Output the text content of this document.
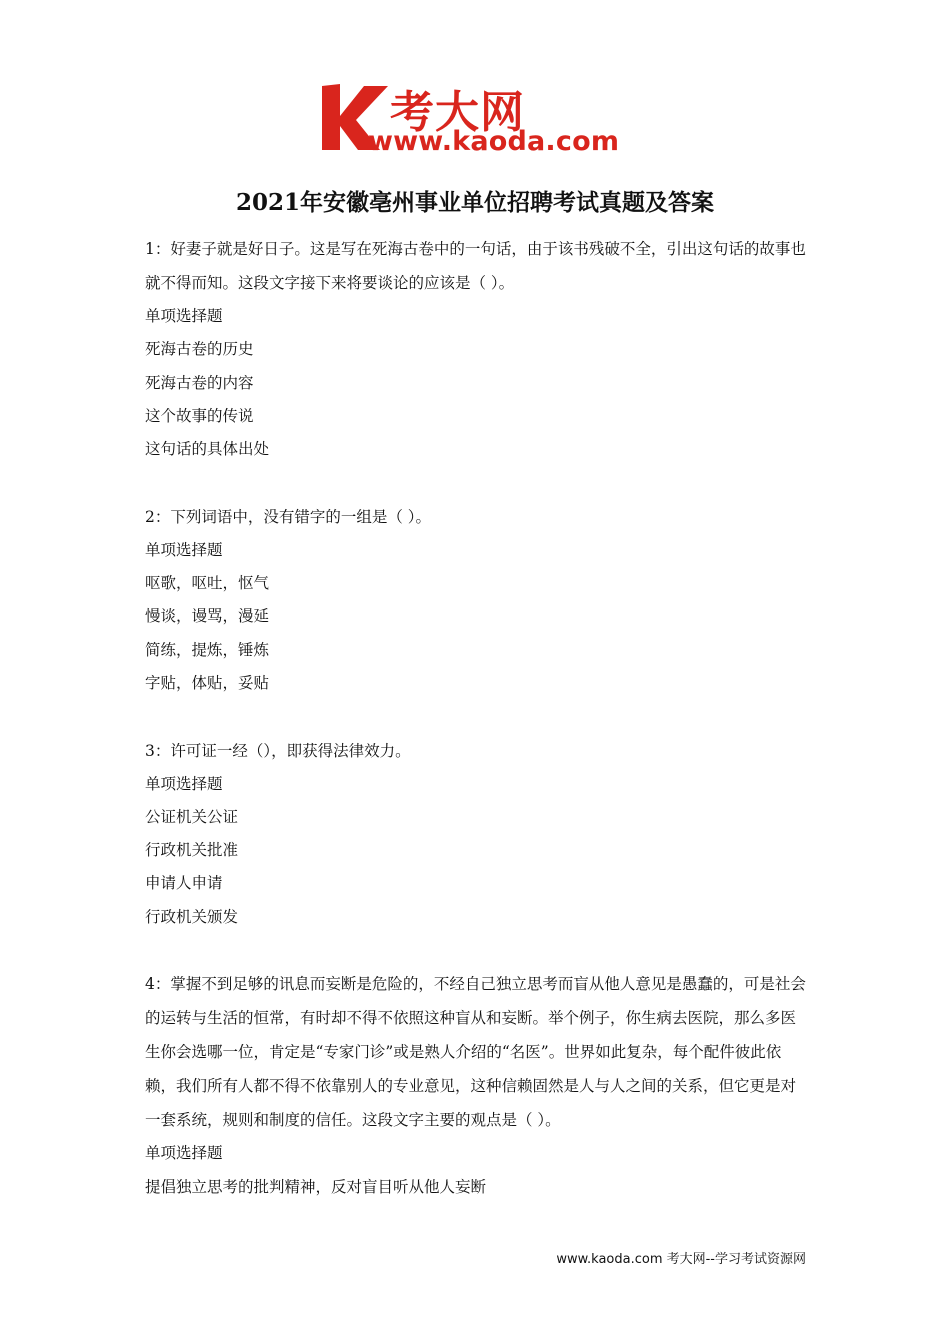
考大网
www.kaoda.com
2021年安徽亳州事业单位招聘考试真题及答案

1：好妻子就是好日子。这是写在死海古卷中的一句话，由于该书残破不全，引出这句话的故事也就不得而知。这段文字接下来将要谈论的应该是（ ）。

单项选择题
死海古卷的历史
死海古卷的内容
这个故事的传说
这句话的具体出处

2：下列词语中，没有错字的一组是（ ）。

单项选择题
呕歌，呕吐，怄气
慢谈，谩骂，漫延
简练，提炼，锤炼
字贴，体贴，妥贴

3：许可证一经（），即获得法律效力。

单项选择题
公证机关公证
行政机关批准
申请人申请
行政机关颁发

4：掌握不到足够的讯息而妄断是危险的，不经自己独立思考而盲从他人意见是愚蠢的，可是社会的运转与生活的恒常，有时却不得不依照这种盲从和妄断。举个例子，你生病去医院，那么多医生你会选哪一位，肯定是“专家门诊”或是熟人介绍的“名医”。世界如此复杂，每个配件彼此依赖，我们所有人都不得不依靠别人的专业意见，这种信赖固然是人与人之间的关系，但它更是对一套系统，规则和制度的信任。这段文字主要的观点是（ ）。

单项选择题
提倡独立思考的批判精神，反对盲目听从他人妄断
www.kaoda.com 考大网--学习考试资源网
